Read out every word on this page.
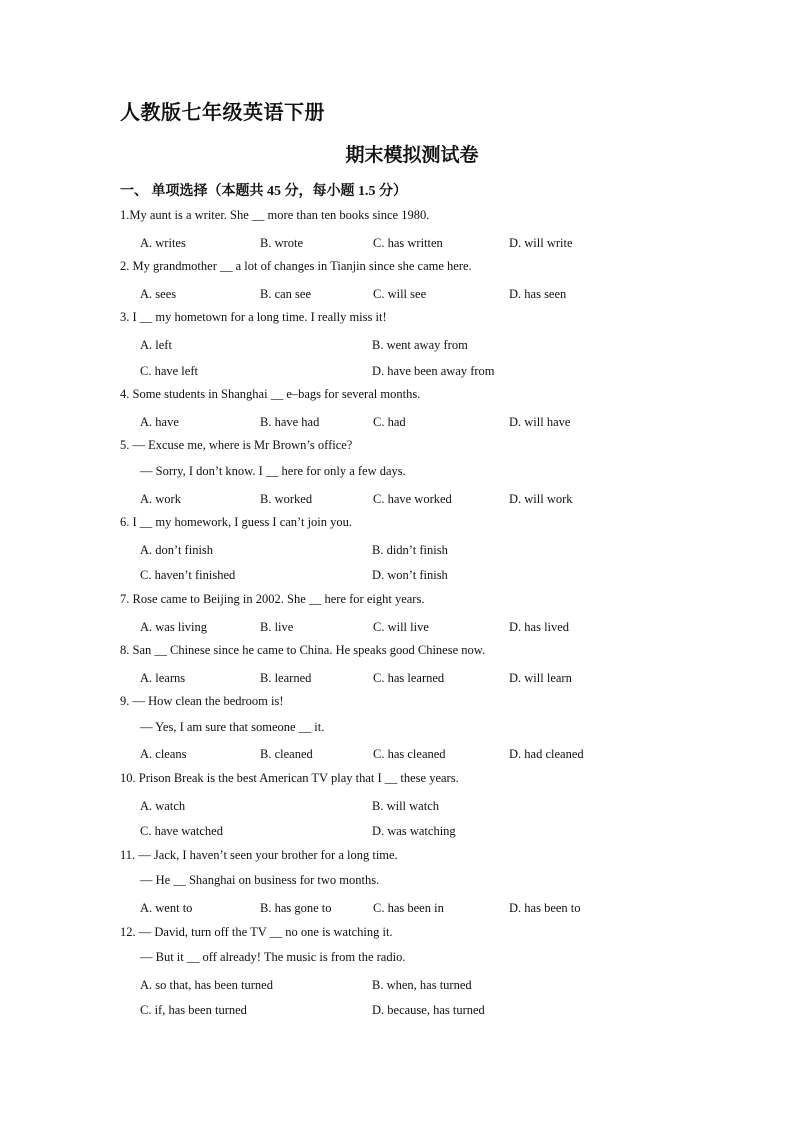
人教版七年级英语下册
期末模拟测试卷
一、 单项选择（本题共 45 分，每小题 1.5 分）
1.My aunt is a writer. She __ more than ten books since 1980.
A. writes	B. wrote	C. has written	D. will write
2. My grandmother __ a lot of changes in Tianjin since she came here.
A. sees	B. can see	C. will see	D. has seen
3. I __ my hometown for a long time. I really miss it!
A. left	B. went away from
C. have left	D. have been away from
4. Some students in Shanghai __ e–bags for several months.
A. have	B. have had	C. had	D. will have
5. — Excuse me, where is Mr Brown’s office?
— Sorry, I don’t know. I __ here for only a few days.
A. work	B. worked	C. have worked	D. will work
6. I __ my homework, I guess I can’t join you.
A. don’t finish	B. didn’t finish
C. haven’t finished	D. won’t finish
7. Rose came to Beijing in 2002. She __ here for eight years.
A. was living	B. live	C. will live	D. has lived
8. San __ Chinese since he came to China. He speaks good Chinese now.
A. learns	B. learned	C. has learned	D. will learn
9. — How clean the bedroom is!
— Yes, I am sure that someone __ it.
A. cleans	B. cleaned	C. has cleaned	D. had cleaned
10. Prison Break is the best American TV play that I __ these years.
A. watch	B. will watch
C. have watched	D. was watching
11. — Jack, I haven’t seen your brother for a long time.
— He __ Shanghai on business for two months.
A. went to	B. has gone to	C. has been in	D. has been to
12. — David, turn off the TV __ no one is watching it.
— But it __ off already! The music is from the radio.
A. so that, has been turned	B. when, has turned
C. if, has been turned	D. because, has turned
